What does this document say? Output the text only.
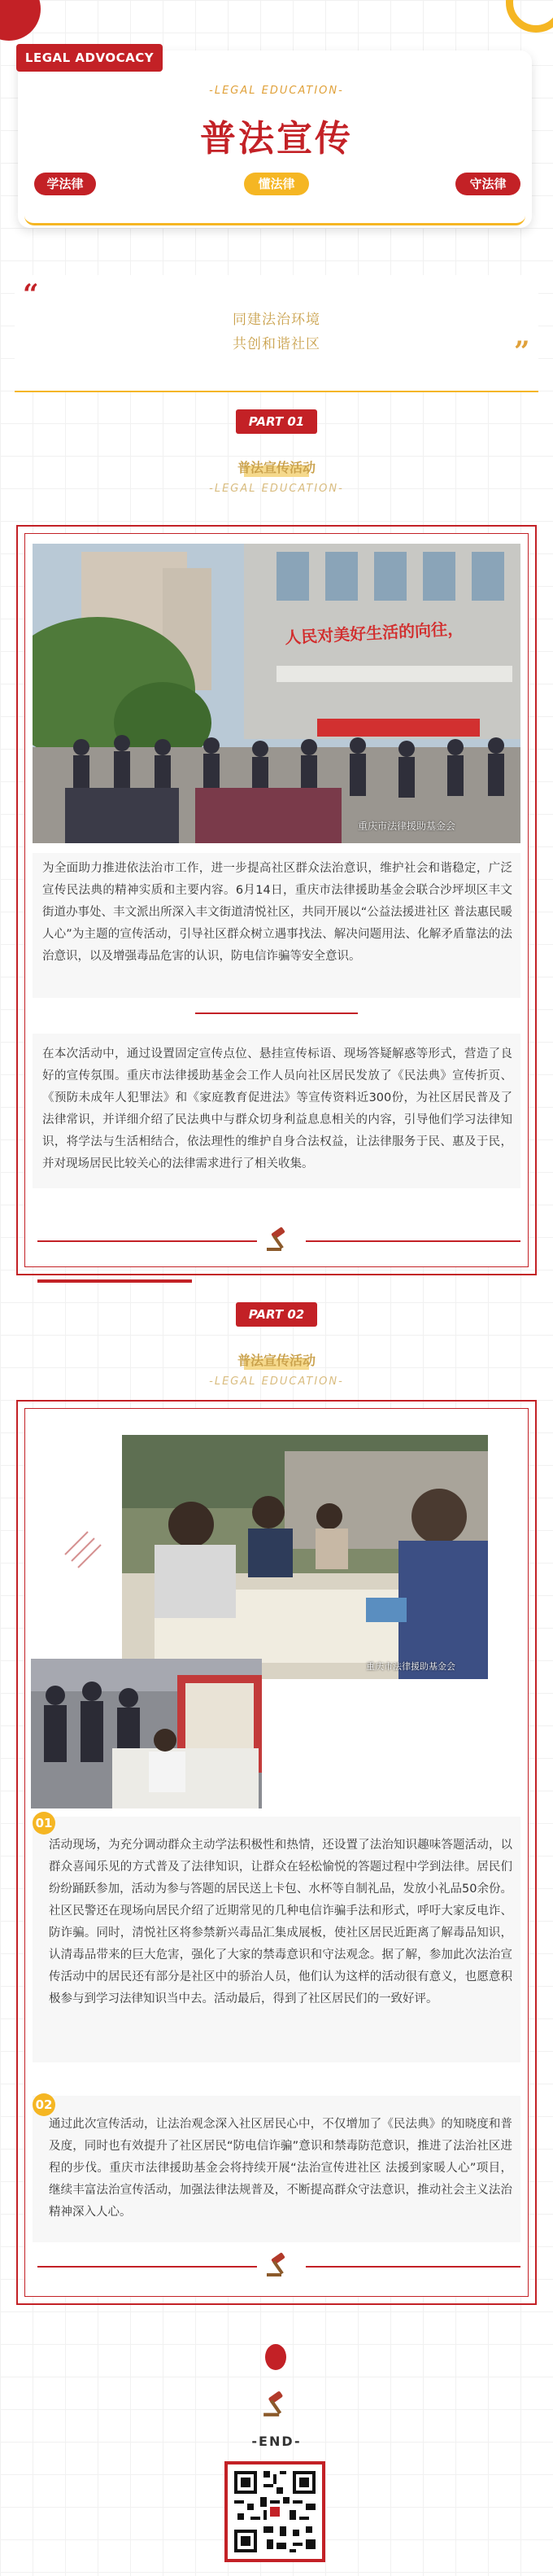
LEGAL ADVOCACY
-LEGAL EDUCATION-
普法宣传
学法律	懂法律	守法律
“
”
同建法治环境
共创和谐社区
PART 01
普法宣传活动
-LEGAL EDUCATION-
人民对美好生活的向往，
重庆市法律援助基金会
为全面助力推进依法治市工作，进一步提高社区群众法治意识，维护社会和谐稳定，广泛宣传民法典的精神实质和主要内容。6月14日，重庆市法律援助基金会联合沙坪坝区丰文街道办事处、丰文派出所深入丰文街道清悦社区，共同开展以“公益法援进社区 普法惠民暖人心”为主题的宣传活动，引导社区群众树立遇事找法、解决问题用法、化解矛盾靠法的法治意识，以及增强毒品危害的认识，防电信诈骗等安全意识。
在本次活动中，通过设置固定宣传点位、悬挂宣传标语、现场答疑解惑等形式，营造了良好的宣传氛围。重庆市法律援助基金会工作人员向社区居民发放了《民法典》宣传折页、《预防未成年人犯罪法》和《家庭教育促进法》等宣传资料近300份，为社区居民普及了法律常识，并详细介绍了民法典中与群众切身利益息息相关的内容，引导他们学习法律知识，将学法与生活相结合，依法理性的维护自身合法权益，让法律服务于民、惠及于民，并对现场居民比较关心的法律需求进行了相关收集。
PART 02
普法宣传活动
-LEGAL EDUCATION-
重庆市法律援助基金会
01
活动现场，为充分调动群众主动学法积极性和热情，还设置了法治知识趣味答题活动，以群众喜闻乐见的方式普及了法律知识，让群众在轻松愉悦的答题过程中学到法律。居民们纷纷踊跃参加，活动为参与答题的居民送上卡包、水杯等自制礼品，发放小礼品50余份。社区民警还在现场向居民介绍了近期常见的几种电信诈骗手法和形式，呼吁大家反电诈、防诈骗。同时，清悦社区将参禁新兴毒品汇集成展板，使社区居民近距离了解毒品知识，认清毒品带来的巨大危害，强化了大家的禁毒意识和守法观念。据了解，参加此次法治宣传活动中的居民还有部分是社区中的骄治人员，他们认为这样的活动很有意义，也愿意积极参与到学习法律知识当中去。活动最后，得到了社区居民们的一致好评。
02
通过此次宣传活动，让法治观念深入社区居民心中，不仅增加了《民法典》的知晓度和普及度，同时也有效提升了社区居民“防电信诈骗”意识和禁毒防范意识，推进了法治社区进程的步伐。重庆市法律援助基金会将持续开展“法治宣传进社区 法援到家暖人心”项目，继续丰富法治宣传活动，加强法律法规普及，不断提高群众守法意识，推动社会主义法治精神深入人心。
-END-
